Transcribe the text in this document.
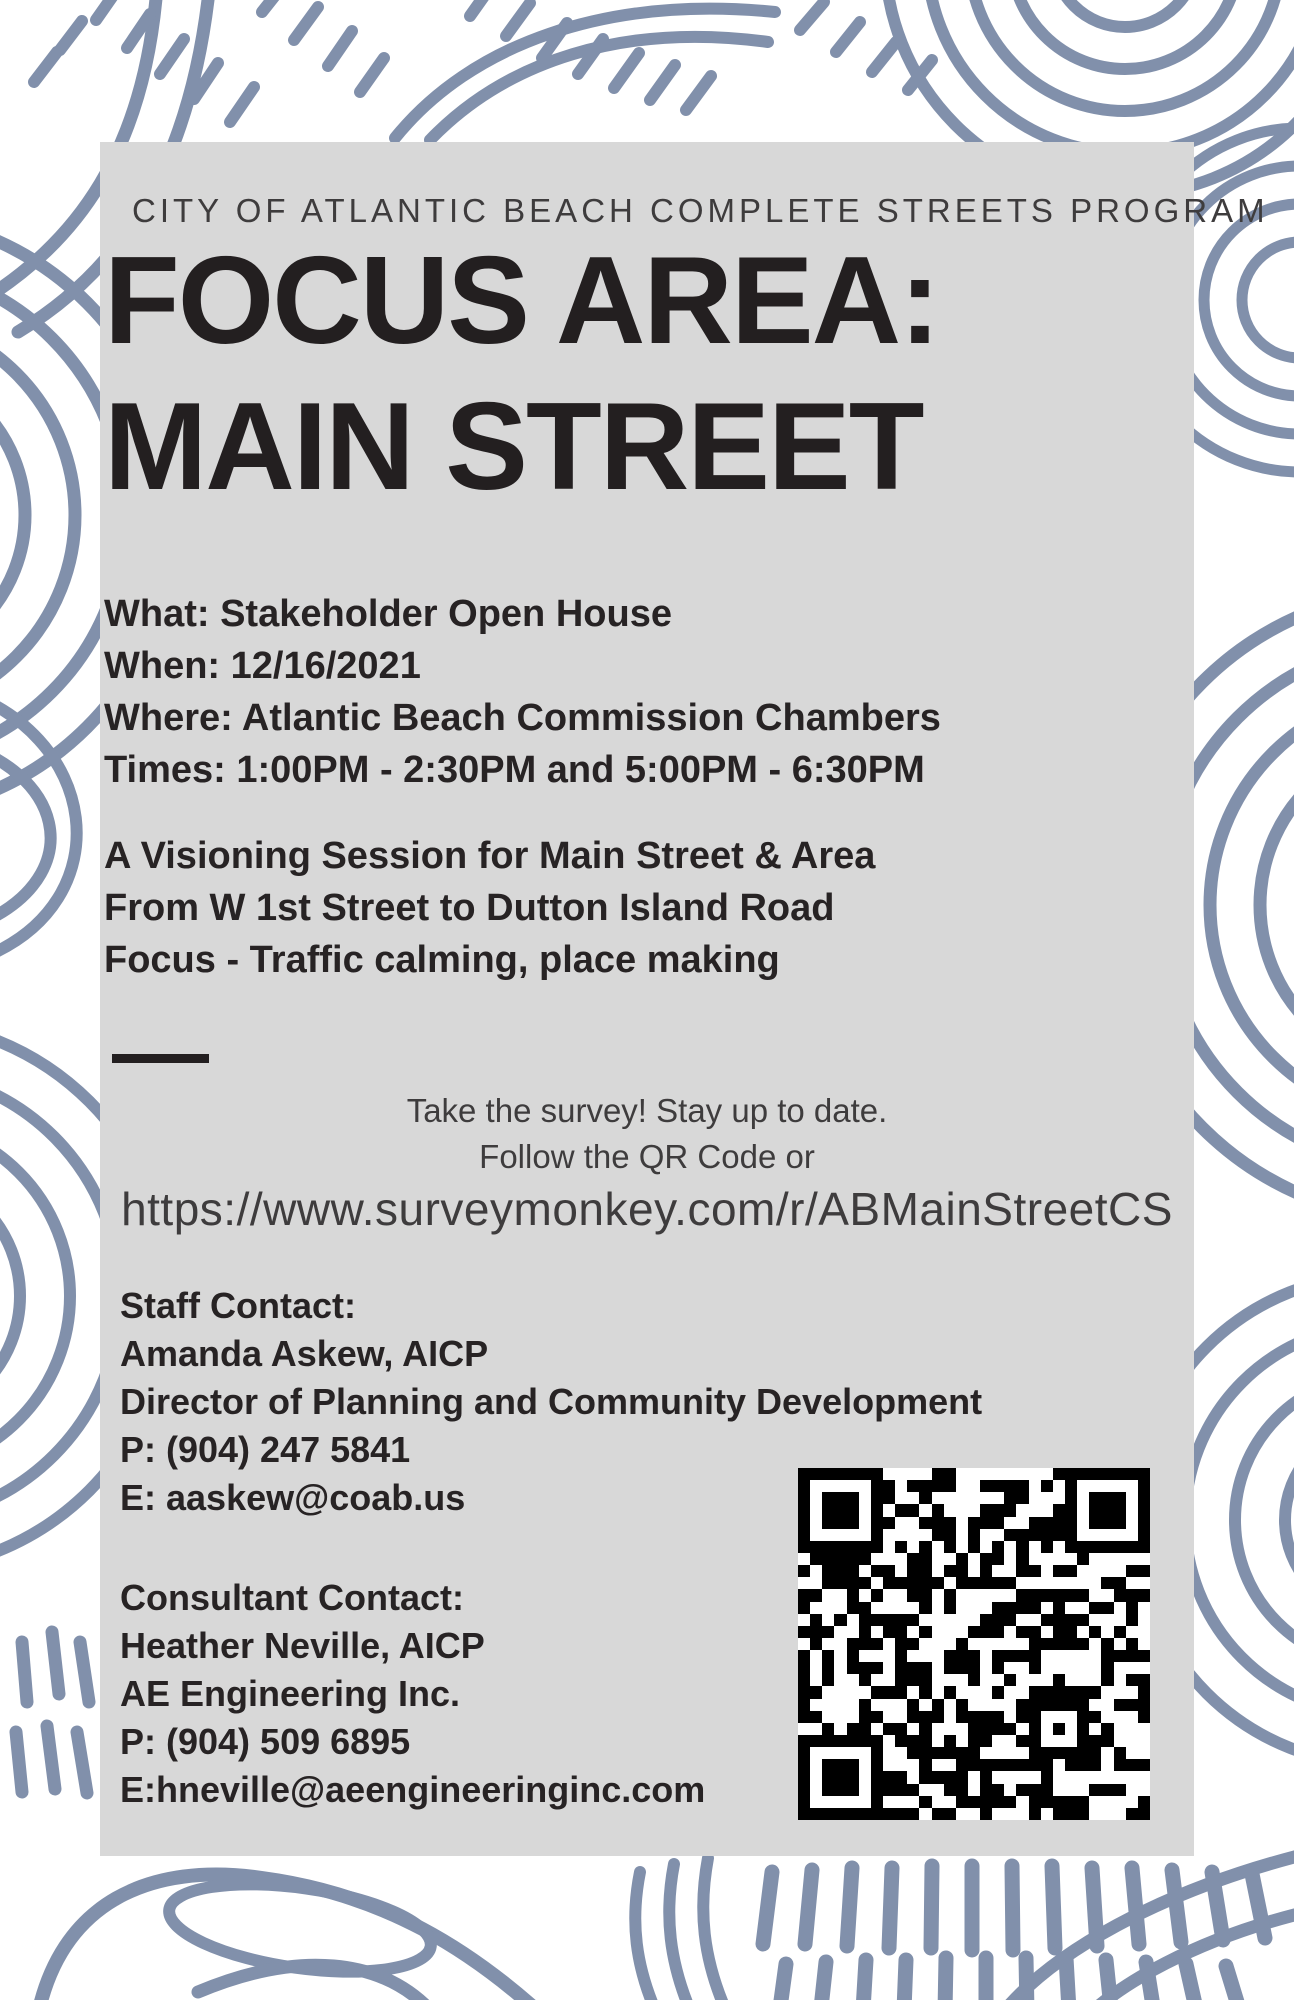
CITY OF ATLANTIC BEACH COMPLETE STREETS PROGRAM
FOCUS AREA:
MAIN STREET
What: Stakeholder Open House
When: 12/16/2021
Where: Atlantic Beach Commission Chambers
Times: 1:00PM - 2:30PM and 5:00PM - 6:30PM
A Visioning Session for Main Street & Area
From W 1st Street to Dutton Island Road
Focus - Traffic calming, place making
Take the survey! Stay up to date.
Follow the QR Code or
https://www.surveymonkey.com/r/ABMainStreetCS
Staff Contact:
Amanda Askew, AICP
Director of Planning and Community Development
P: (904) 247 5841
E: aaskew@coab.us
Consultant Contact:
Heather Neville, AICP
AE Engineering Inc.
P: (904) 509 6895
E:hneville@aeengineeringinc.com
